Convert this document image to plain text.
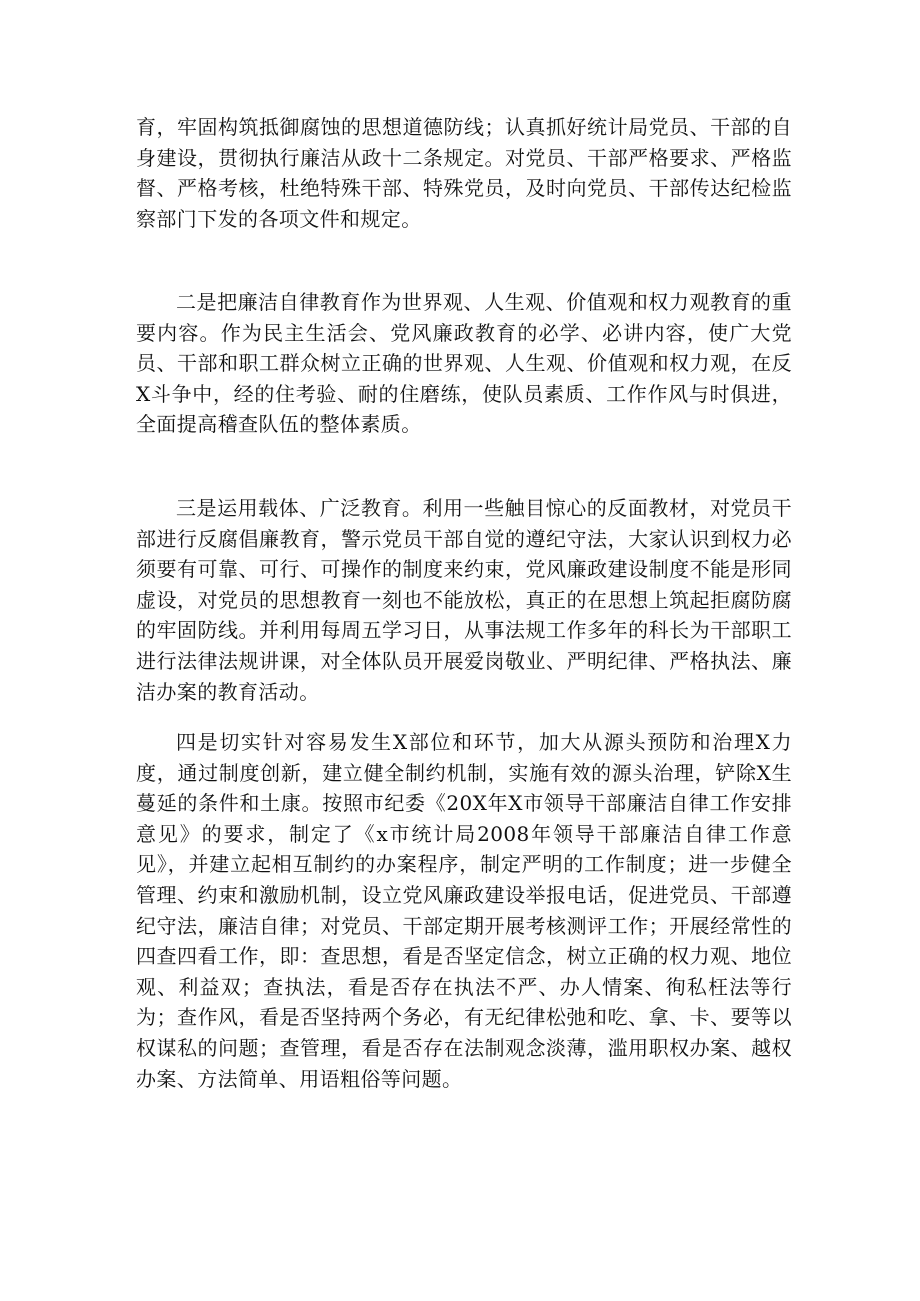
育，牢固构筑抵御腐蚀的思想道德防线；认真抓好统计局党员、干部的自身建设，贯彻执行廉洁从政十二条规定。对党员、干部严格要求、严格监督、严格考核，杜绝特殊干部、特殊党员，及时向党员、干部传达纪检监察部门下发的各项文件和规定。

二是把廉洁自律教育作为世界观、人生观、价值观和权力观教育的重要内容。作为民主生活会、党风廉政教育的必学、必讲内容，使广大党员、干部和职工群众树立正确的世界观、人生观、价值观和权力观，在反X斗争中，经的住考验、耐的住磨练，使队员素质、工作作风与时俱进，全面提高稽查队伍的整体素质。

三是运用载体、广泛教育。利用一些触目惊心的反面教材，对党员干部进行反腐倡廉教育，警示党员干部自觉的遵纪守法，大家认识到权力必须要有可靠、可行、可操作的制度来约束，党风廉政建设制度不能是形同虚设，对党员的思想教育一刻也不能放松，真正的在思想上筑起拒腐防腐的牢固防线。并利用每周五学习日，从事法规工作多年的科长为干部职工进行法律法规讲课，对全体队员开展爱岗敬业、严明纪律、严格执法、廉洁办案的教育活动。

四是切实针对容易发生X部位和环节，加大从源头预防和治理X力度，通过制度创新，建立健全制约机制，实施有效的源头治理，铲除X生蔓延的条件和土康。按照市纪委《20X年X市领导干部廉洁自律工作安排意见》的要求，制定了《x市统计局2008年领导干部廉洁自律工作意见》，并建立起相互制约的办案程序，制定严明的工作制度；进一步健全管理、约束和激励机制，设立党风廉政建设举报电话，促进党员、干部遵纪守法，廉洁自律；对党员、干部定期开展考核测评工作；开展经常性的四查四看工作，即：查思想，看是否坚定信念，树立正确的权力观、地位观、利益双；查执法，看是否存在执法不严、办人情案、徇私枉法等行为；查作风，看是否坚持两个务必，有无纪律松弛和吃、拿、卡、要等以权谋私的问题；查管理，看是否存在法制观念淡薄，滥用职权办案、越权办案、方法简单、用语粗俗等问题。
